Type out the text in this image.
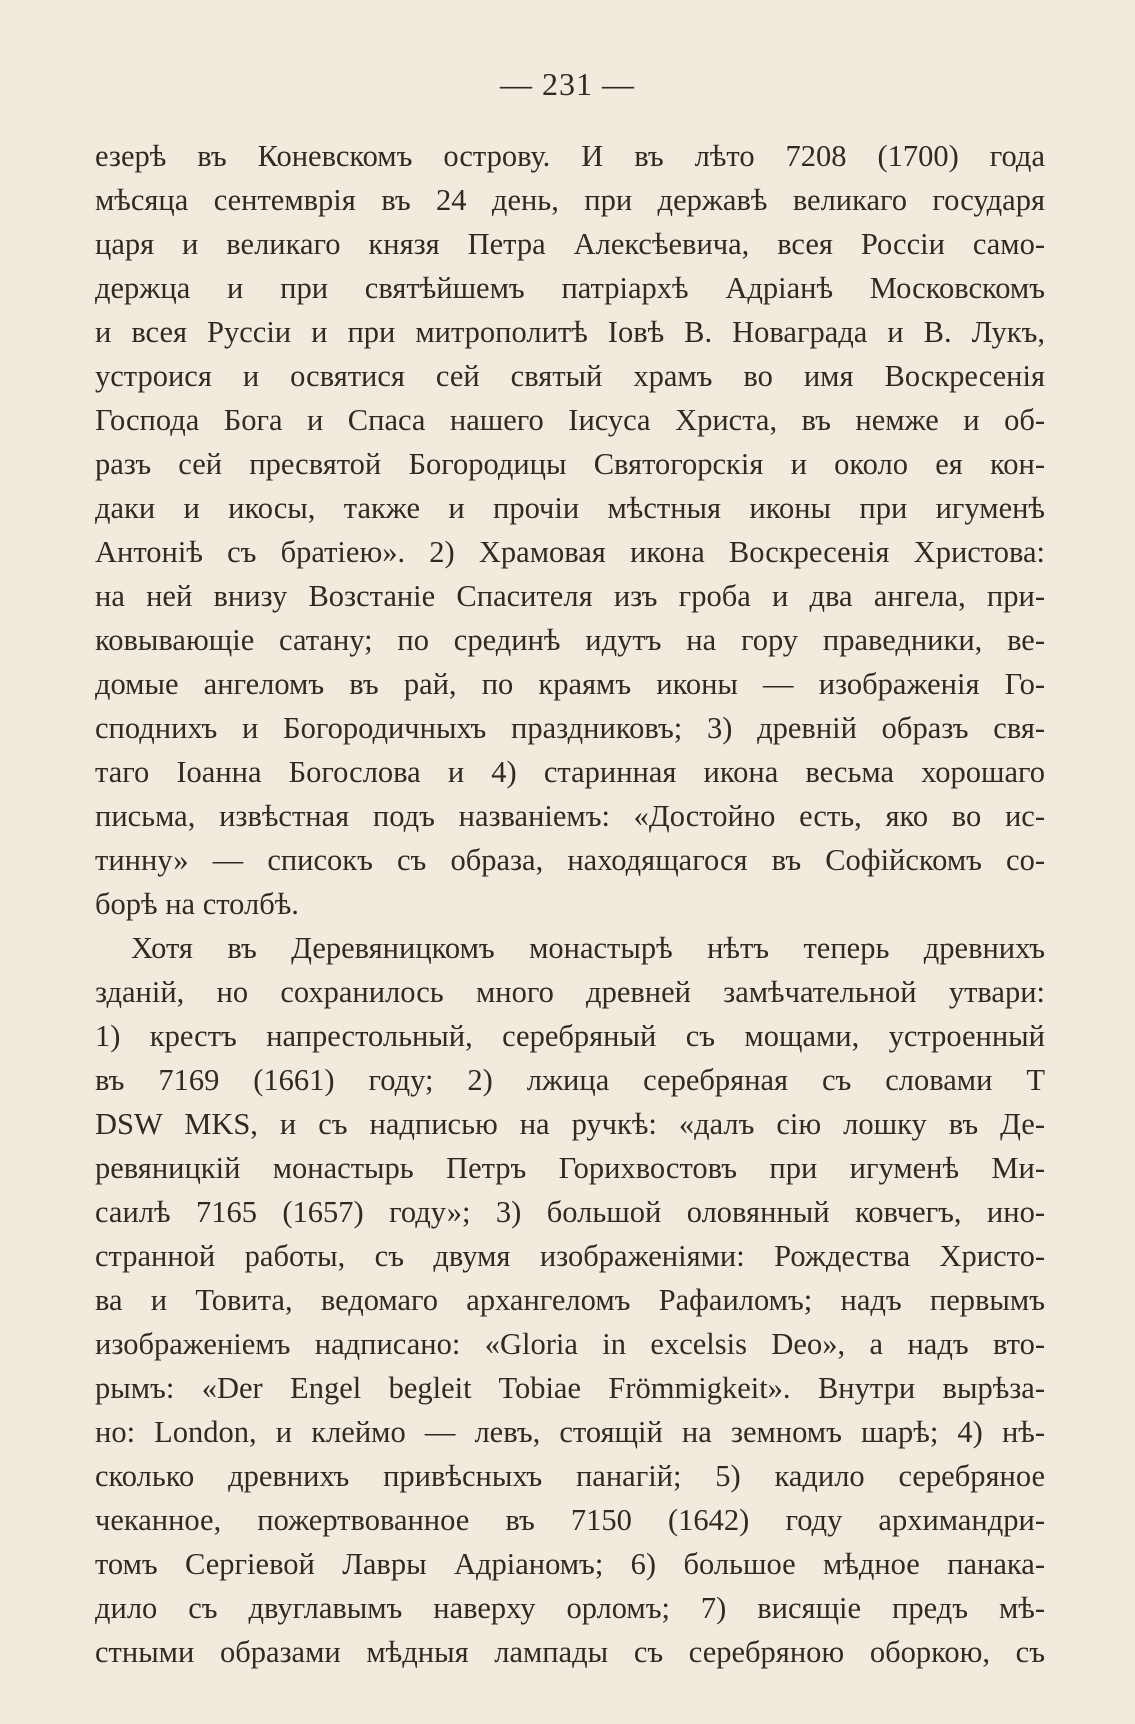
— 231 —
езерѣ въ Коневскомъ острову. И въ лѣто 7208 (1700) года
мѣсяца сентемврія въ 24 день, при державѣ великаго государя
царя и великаго князя Петра Алексѣевича, всея Россіи само-
держца и при святѣйшемъ патріархѣ Адріанѣ Московскомъ
и всея Руссіи и при митрополитѣ Іовѣ В. Новаграда и В. Лукъ,
устроися и освятися сей святый храмъ во имя Воскресенія
Господа Бога и Спаса нашего Іисуса Христа, въ немже и об-
разъ сей пресвятой Богородицы Святогорскія и около ея кон-
даки и икосы, также и прочіи мѣстныя иконы при игуменѣ
Антоніѣ съ братіею». 2) Храмовая икона Воскресенія Христова:
на ней внизу Возстаніе Спасителя изъ гроба и два ангела, при-
ковывающіе сатану; по срединѣ идутъ на гору праведники, ве-
домые ангеломъ въ рай, по краямъ иконы — изображенія Го-
споднихъ и Богородичныхъ праздниковъ; 3) древній образъ свя-
таго Іоанна Богослова и 4) старинная икона весьма хорошаго
письма, извѣстная подъ названіемъ: «Достойно есть, яко во ис-
тинну» — списокъ съ образа, находящагося въ Софійскомъ со-
борѣ на столбѣ.
Хотя въ Деревяницкомъ монастырѣ нѣтъ теперь древнихъ
зданій, но сохранилось много древней замѣчательной утвари:
1) крестъ напрестольный, серебряный съ мощами, устроенный
въ 7169 (1661) году; 2) лжица серебряная съ словами Т
DSW MKS, и съ надписью на ручкѣ: «далъ сію лошку въ Де-
ревяницкій монастырь Петръ Горихвостовъ при игуменѣ Ми-
саилѣ 7165 (1657) году»; 3) большой оловянный ковчегъ, ино-
странной работы, съ двумя изображеніями: Рождества Христо-
ва и Товита, ведомаго архангеломъ Рафаиломъ; надъ первымъ
изображеніемъ надписано: «Gloria in excelsis Deo», а надъ вто-
рымъ: «Der Engel begleit Tobiae Frömmigkeit». Внутри вырѣза-
но: London, и клеймо — левъ, стоящій на земномъ шарѣ; 4) нѣ-
сколько древнихъ привѣсныхъ панагій; 5) кадило серебряное
чеканное, пожертвованное въ 7150 (1642) году архимандри-
томъ Сергіевой Лавры Адріаномъ; 6) большое мѣдное панака-
дило съ двуглавымъ наверху орломъ; 7) висящіе предъ мѣ-
стными образами мѣдныя лампады съ серебряною оборкою, съ
